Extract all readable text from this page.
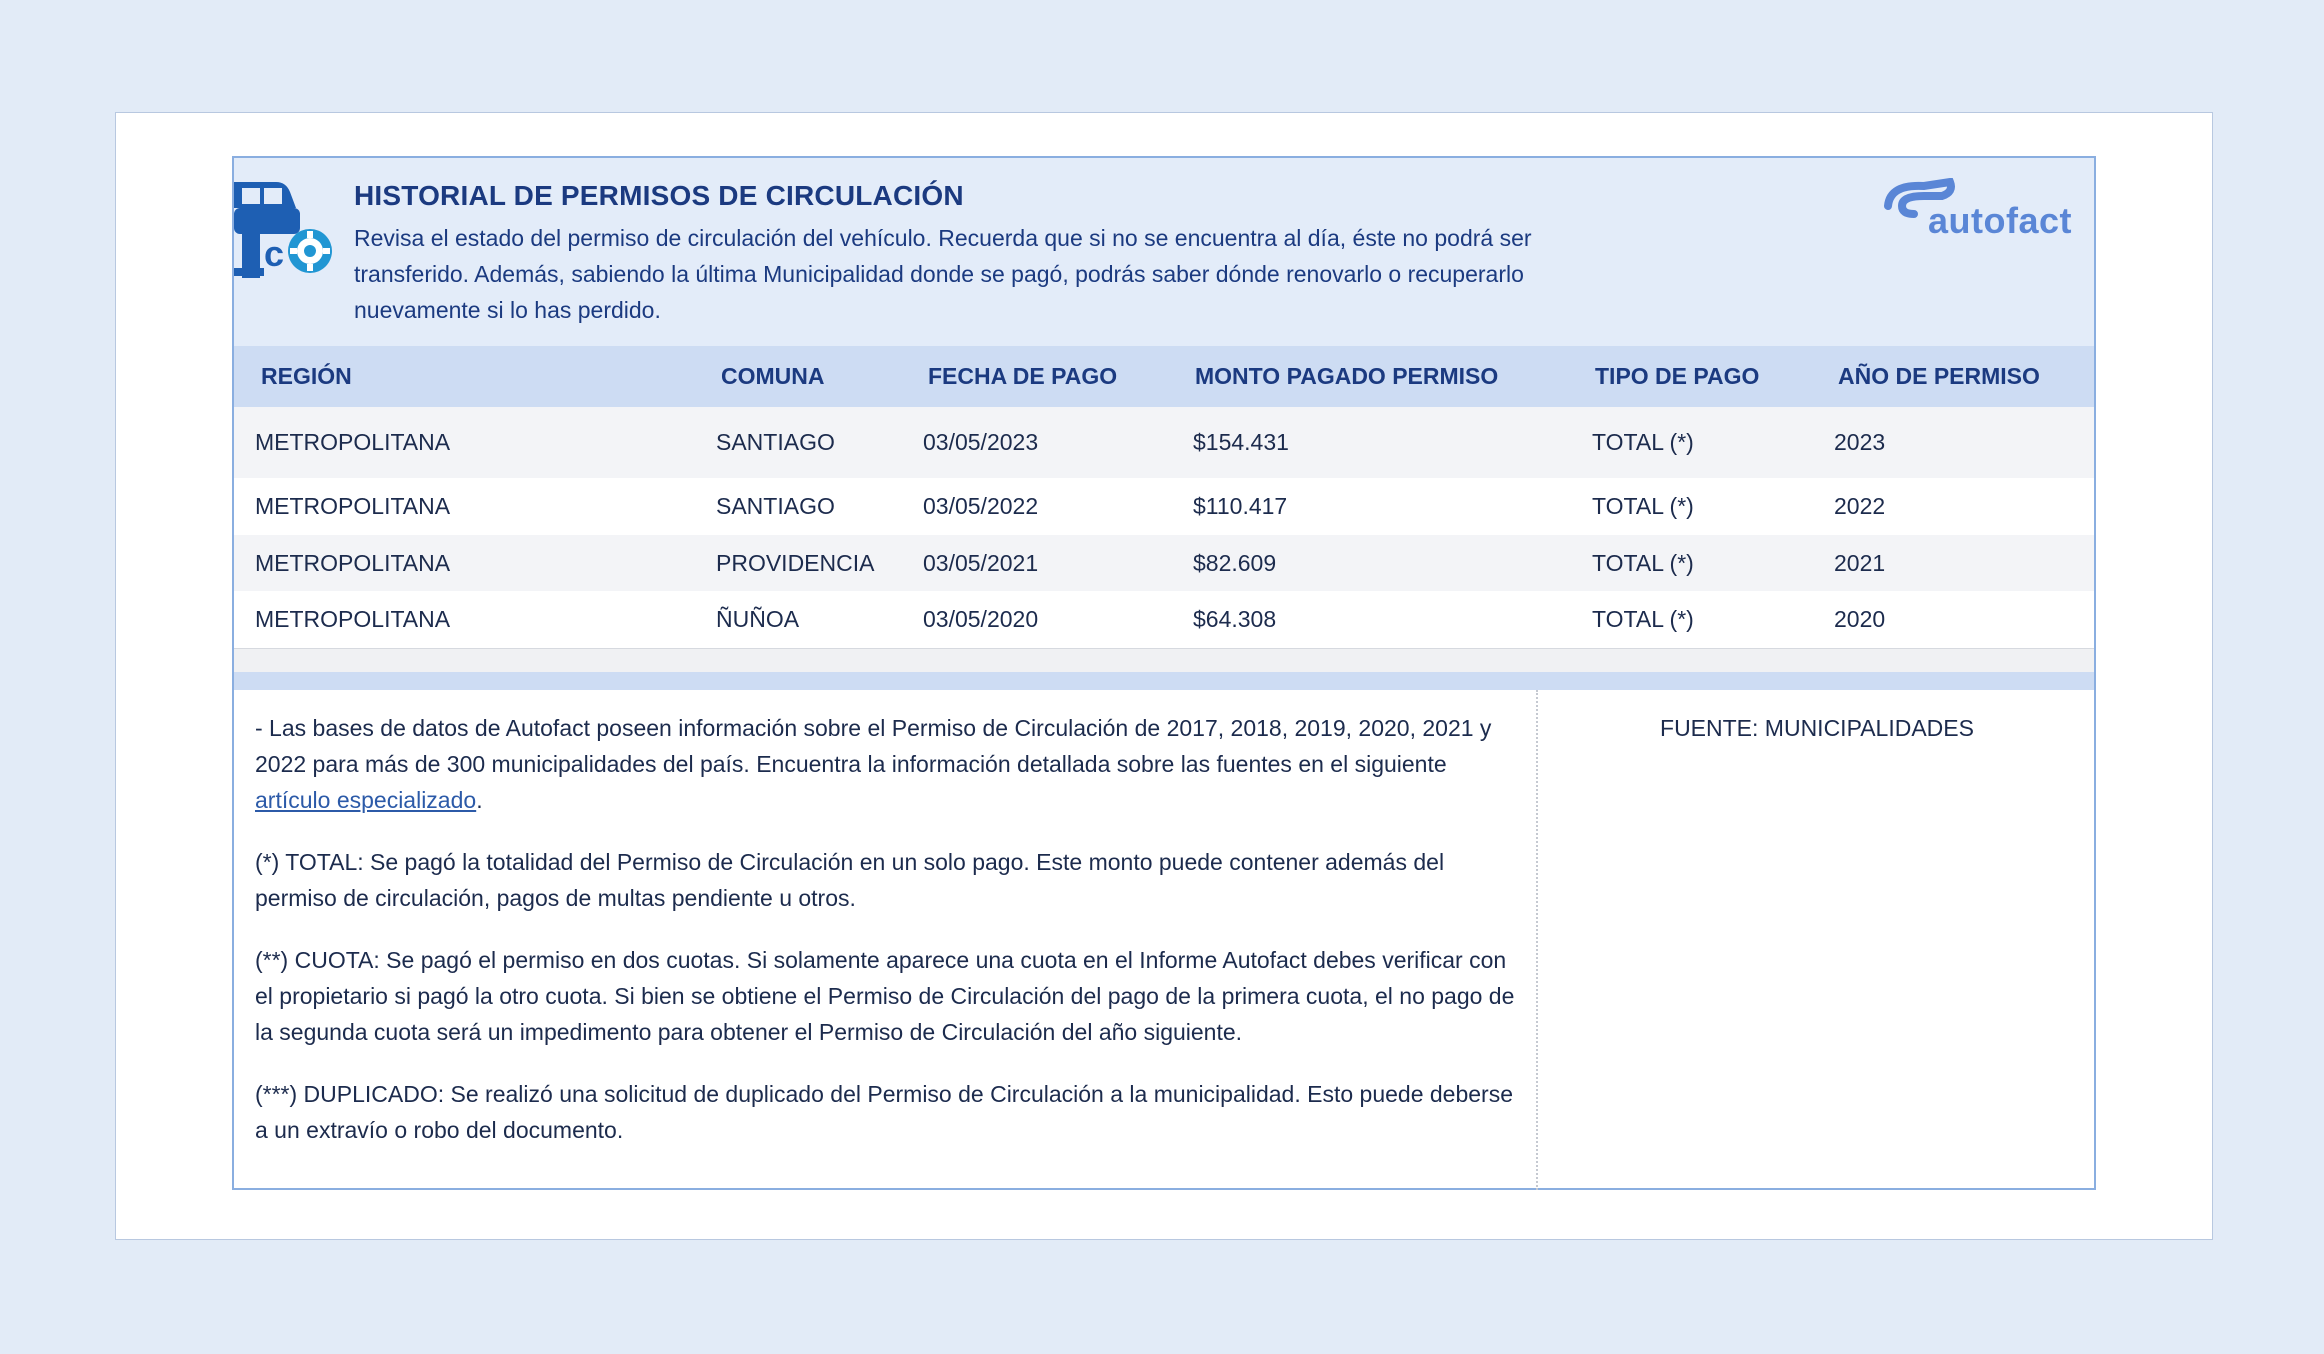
c
HISTORIAL DE PERMISOS DE CIRCULACIÓN

Revisa el estado del permiso de circulación del vehículo. Recuerda que si no se encuentra al día, éste no podrá ser transferido. Además, sabiendo la última Municipalidad donde se pagó, podrás saber dónde renovarlo o recuperarlo nuevamente si lo has perdido.

autofact
REGIÓN	COMUNA	FECHA DE PAGO	MONTO PAGADO PERMISO	TIPO DE PAGO	AÑO DE PERMISO
METROPOLITANA	SANTIAGO	03/05/2023	$154.431	TOTAL (*)	2023
METROPOLITANA	SANTIAGO	03/05/2022	$110.417	TOTAL (*)	2022
METROPOLITANA	PROVIDENCIA 03/05/2021	$82.609	TOTAL (*)	2021
METROPOLITANA	ÑUÑOA	03/05/2020	$64.308	TOTAL (*)	2020

- Las bases de datos de Autofact poseen información sobre el Permiso de Circulación de 2017, 2018, 2019, 2020, 2021 y 2022 para más de 300 municipalidades del país. Encuentra la información detallada sobre las fuentes en el siguiente artículo especializado.

(*) TOTAL: Se pagó la totalidad del Permiso de Circulación en un solo pago. Este monto puede contener además del permiso de circulación, pagos de multas pendiente u otros.

(**) CUOTA: Se pagó el permiso en dos cuotas. Si solamente aparece una cuota en el Informe Autofact debes verificar con el propietario si pagó la otro cuota. Si bien se obtiene el Permiso de Circulación del pago de la primera cuota, el no pago de la segunda cuota será un impedimento para obtener el Permiso de Circulación del año siguiente.

(***) DUPLICADO: Se realizó una solicitud de duplicado del Permiso de Circulación a la municipalidad. Esto puede deberse a un extravío o robo del documento.

FUENTE: MUNICIPALIDADES
